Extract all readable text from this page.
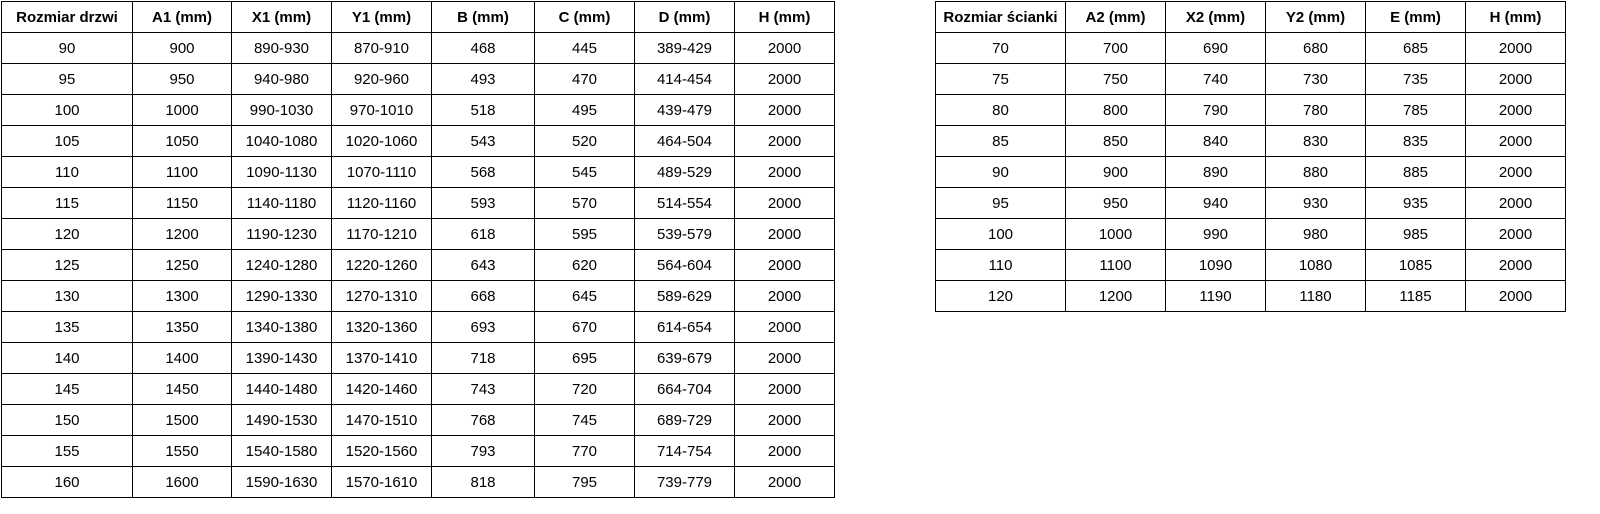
Rozmiar drzwi	A1 (mm)	X1 (mm)	Y1 (mm)	B (mm)	C (mm)	D (mm)	H (mm)
90	900	890-930	870-910	468	445	389-429	2000
95	950	940-980	920-960	493	470	414-454	2000
100	1000	990-1030	970-1010	518	495	439-479	2000
105	1050	1040-1080	1020-1060	543	520	464-504	2000
110	1100	1090-1130	1070-1110	568	545	489-529	2000
115	1150	1140-1180	1120-1160	593	570	514-554	2000
120	1200	1190-1230	1170-1210	618	595	539-579	2000
125	1250	1240-1280	1220-1260	643	620	564-604	2000
130	1300	1290-1330	1270-1310	668	645	589-629	2000
135	1350	1340-1380	1320-1360	693	670	614-654	2000
140	1400	1390-1430	1370-1410	718	695	639-679	2000
145	1450	1440-1480	1420-1460	743	720	664-704	2000
150	1500	1490-1530	1470-1510	768	745	689-729	2000
155	1550	1540-1580	1520-1560	793	770	714-754	2000
160	1600	1590-1630	1570-1610	818	795	739-779	2000
Rozmiar ścianki	A2 (mm)	X2 (mm)	Y2 (mm)	E (mm)	H (mm)
70	700	690	680	685	2000
75	750	740	730	735	2000
80	800	790	780	785	2000
85	850	840	830	835	2000
90	900	890	880	885	2000
95	950	940	930	935	2000
100	1000	990	980	985	2000
110	1100	1090	1080	1085	2000
120	1200	1190	1180	1185	2000
